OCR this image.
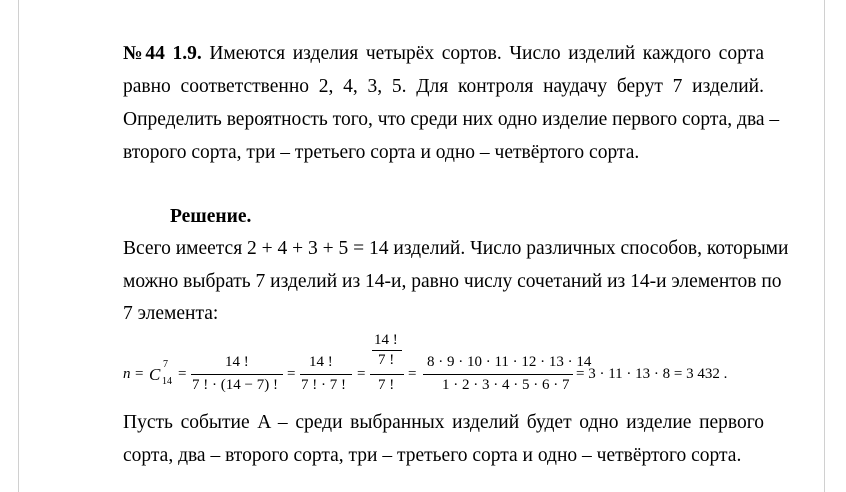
№44 1.9. Имеются изделия четырёх сортов. Число изделий каждого сорта
равно соответственно 2, 4, 3, 5. Для контроля наудачу берут 7 изделий.
Определить вероятность того, что среди них одно изделие первого сорта, два –
второго сорта, три – третьего сорта и одно – четвёртого сорта.
Решение.
Всего имеется 2 + 4 + 3 + 5 = 14 изделий. Число различных способов, которыми
можно выбрать 7 изделий из 14-и, равно числу сочетаний из 14-и элементов по
7 элемента:
n = C
7
14 =
14 !
7 ! · (14 − 7) !
=
14 !
7 ! · 7 !
=
14 !
7 !
7 !
=
8 · 9 · 10 · 11 · 12 · 13 · 14
1 · 2 · 3 · 4 · 5 · 6 · 7
= 3 · 11 · 13 · 8 = 3 432 .
Пусть событие A – среди выбранных изделий будет одно изделие первого
сорта, два – второго сорта, три – третьего сорта и одно – четвёртого сорта.
